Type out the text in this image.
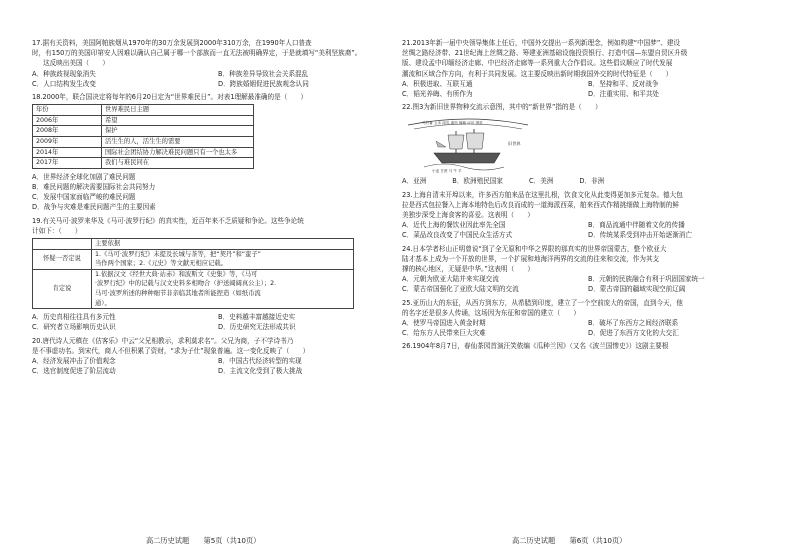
17.据有关资料，美国阿帕族烟从1970年的30万余发展到2000年310万余，在1990年人口普查
时，有150万的美国印第安人因难以确认自己属于哪一个部族而一直无法被明确界定，于是就填写“美利坚族裔”。
这反映出美国（　　）
A．种族歧视现象消失	B．种族差异导致社会关系混乱
C．人口结构发生改变	D．跨族婚姻促进民族观念认同
18.2000年，联合国决定将每年的6月20日定为“世界难民日”。对表1理解最准确的是（　　）
年份	世界难民日主题
2006年	希望
2008年	保护
2009年	活生生的人，活生生的需要
2014年	国际社会团结协力解决难民问题只有一个也太多
2017年	我们与难民同在
A．世界经济全球化加剧了难民问题
B．难民问题的解决需要国际社会共同努力
C．发展中国家面临严峻的难民问题
D．战争与灾难是难民问题产生的主要因素
19.有关马可·波罗来华及《马可·波罗行纪》的真实性，近百年来不乏质疑和争论。这些争论统
计如下：（　　）
	主要依据
怀疑一否定说	1.《马可·波罗行纪》未提及长城与茶等，把“契丹”和“蛮子”
当作两个国家；2.《元史》等文献无相应记载。

肯定说	1.依据汉文《经世大典·站赤》和波斯文《史集》等，《马可
·波罗行纪》中的记载与汉文史料多相吻合（护送阔阔真公主）；2.
马可·波罗所述的种种细节非亲临其地者所能捏造（如纸币流
通）。
A．历史真相往往具有多元性	B．史料越丰富越接近史实
C．研究者立场影响历史认识	D．历史研究无法形成共识
20.唐代诗人元稹在《估客乐》中云“父兄相教示，求利莫求名”。父兄为商，子不学诗书乃
是不事虚功名。到宋代，商人不但积累了资财，“求为子仕”现象普遍。这一变化反映了（　　）
A．经济发展冲击了价值观念	B．中国古代经济转型的实现
C．选官制度促进了阶层流动	D．主流文化受到了极大挑战
21.2013年新一届中央领导集体上任后，中国外交提出一系列新理念，例如构建“中国梦”、建设
丝绸之路经济带、21世纪海上丝绸之路、筹建亚洲基础设施投资银行、打造中国—东盟自贸区升级
版、建设孟中印缅经济走廊、中巴经济走廊等一系列重大合作倡议。这些倡议顺应了时代发展
潮流和区域合作方向，有利于共同发展。这主要反映出新时期我国外交的时代特征是（　　）
A．积极进取、互联互通	B．坚持和平、反对战争
C．韬光养晦、有所作为	D．注重实用、和平共处
22.图3为新旧世界物种交流示意图，其中的“新世界”指的是（　　）
马铃薯 玉米 南瓜 番茄 辣椒 可可 烟草
小麦 甘蔗 马 牛 羊
旧世界
A．亚洲	B．欧洲殖民国家	C．美洲	D．非洲
23.上海自清末开埠以来，许多西方舶来品在这里扎根，饮食文化从此变得更加多元复杂。德大包
拉是西式包拉餐入上海本地特色后改良而成的一道海派西菜，舶来西式作精挑细做上海特制的鲜
美独步深受上海食客的喜爱。这表明（　　）
A．近代上海的餐饮业因此率先全国	B．商品流通中伴随着文化的传播
C．菜品改良改变了中国民众生活方式	D．传统某系受到冲击开始逐渐消亡
24.日本学者杉山正明曾说“到了全无原和中华之界限的那真实的世界帝国蒙古，整个欧亚大
陆才基本上成为一个开放的世界，一个扩展和地海洋两界的交流的往来和交流，作为其支
撑的核心地区，无疑是中华。”这表明（　　）
A．元朝为欧亚大陆并来实现交流	B．元朝的民族融合有利于巩固国家统一
C．蒙古帝国强化了亚欧大陆文明的交流	D．蒙古帝国的疆域实现空前辽阔
25.亚历山大的东征，从西方到东方，从希腊到印度，建立了一个空前庞大的帝国，直到今天，他
的名字还是很多人传诵，这场因为东征和帝国的建立（　　）
A．使罗马帝国进入黄金时期	B．破坏了东西方之间经济联系
C．给东方人民带来巨大灾难	D．促进了东西方文化的大交汇
26.1904年8月7日，春仙茶园首演汪笑侬编《瓜种兰因》（又名《波兰国惨史》）这剧主要根
高二历史试题　　第5页（共10页）	高二历史试题　　第6页（共10页）
